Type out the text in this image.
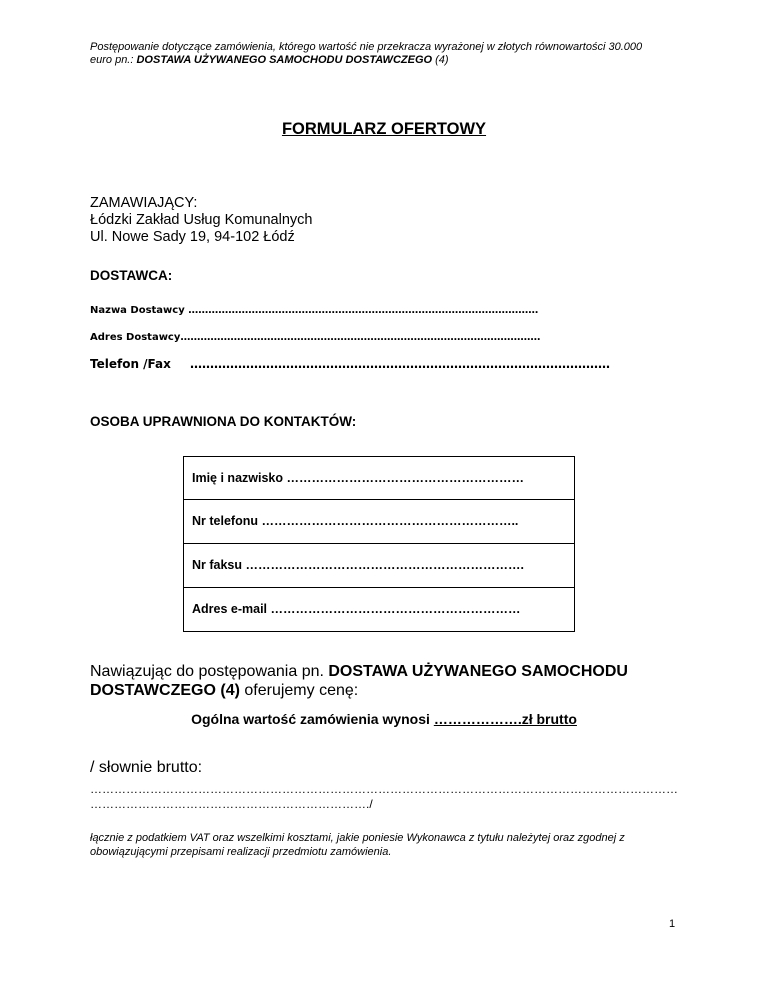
Postępowanie dotyczące zamówienia, którego wartość nie przekracza wyrażonej w złotych równowartości 30.000
euro pn.: DOSTAWA UŻYWANEGO SAMOCHODU DOSTAWCZEGO (4)
FORMULARZ OFERTOWY
ZAMAWIAJĄCY:
Łódzki Zakład Usług Komunalnych
Ul. Nowe Sady 19, 94-102 Łódź
DOSTAWCA:
Nazwa Dostawcy ……………………………………………………………………………………………
Adres Dostawcy………………………………………………………………………………………………
Telefon /Fax ……………………………………………………………………………………………
OSOBA UPRAWNIONA DO KONTAKTÓW:
Imię i nazwisko …………………………………………………
Nr telefonu ……………………………………………………..
Nr faksu ………………………………………………………….
Adres e-mail ……………………………………………………
Nawiązując do postępowania pn. DOSTAWA UŻYWANEGO SAMOCHODU DOSTAWCZEGO (4) oferujemy cenę:
Ogólna wartość zamówienia wynosi ……………….zł brutto
/ słownie brutto:
…………………………………………………………………………………………………………………………………
……………………………………………………………./
łącznie z podatkiem VAT oraz wszelkimi kosztami, jakie poniesie Wykonawca z tytułu należytej oraz zgodnej z obowiązującymi przepisami realizacji przedmiotu zamówienia.
1
